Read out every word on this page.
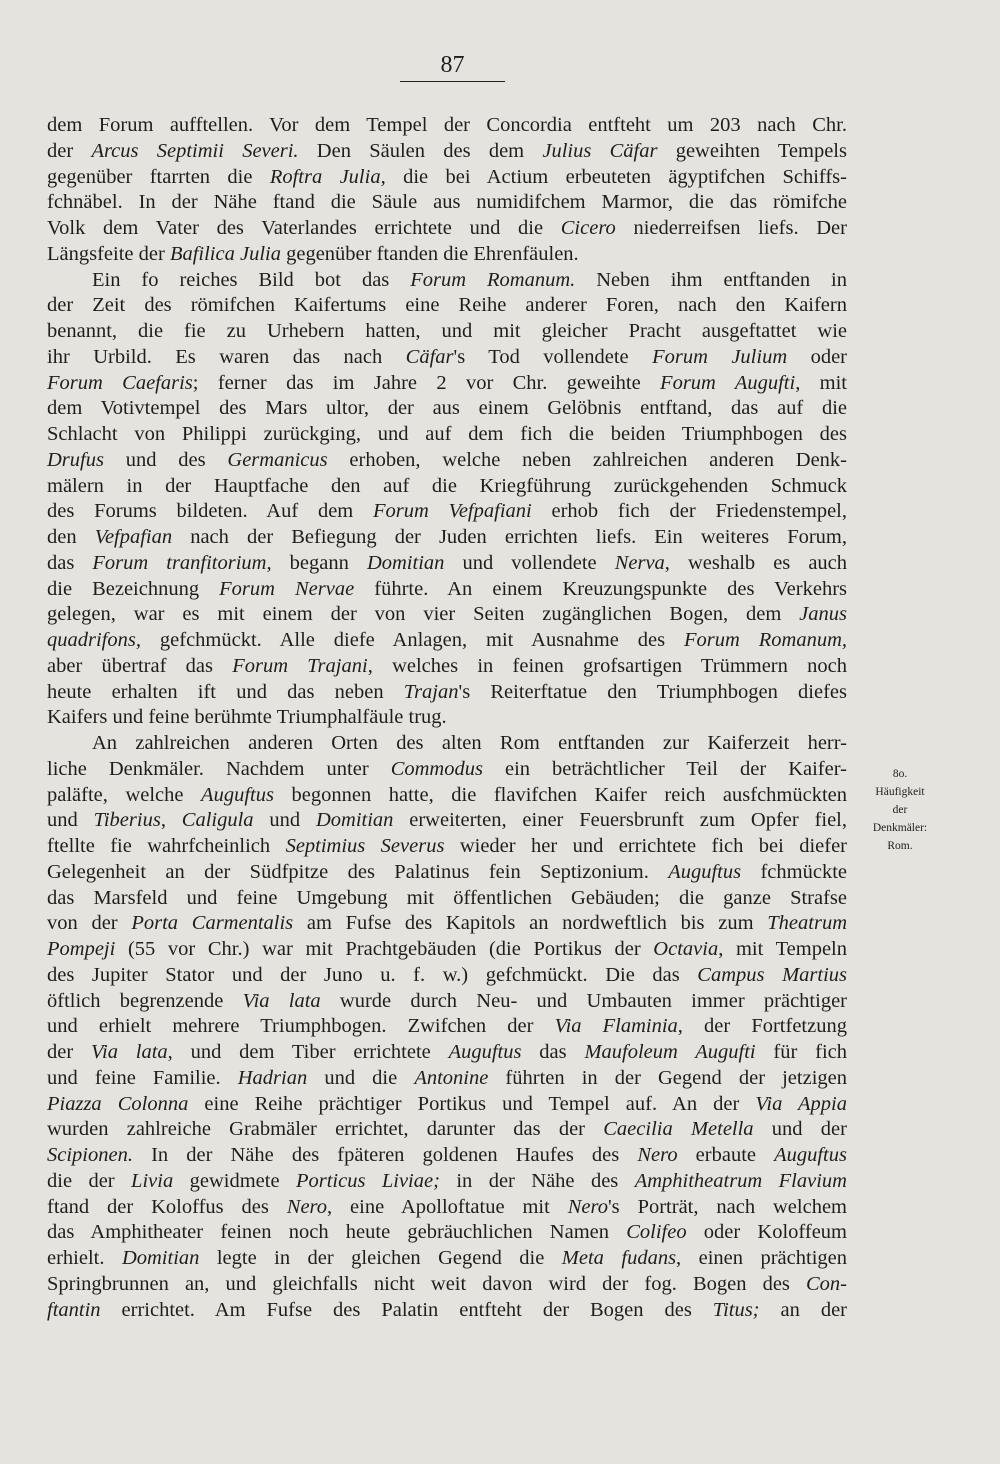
87
dem Forum aufftellen. Vor dem Tempel der Concordia entfteht um 203 nach Chr.
der Arcus Septimii Severi. Den Säulen des dem Julius Cäfar geweihten Tempels
gegenüber ftarrten die Roftra Julia, die bei Actium erbeuteten ägyptifchen Schiffs-
fchnäbel. In der Nähe ftand die Säule aus numidifchem Marmor, die das römifche
Volk dem Vater des Vaterlandes errichtete und die Cicero niederreifsen liefs. Der
Längsfeite der Bafilica Julia gegenüber ftanden die Ehrenfäulen.
Ein fo reiches Bild bot das Forum Romanum. Neben ihm entftanden in
der Zeit des römifchen Kaifertums eine Reihe anderer Foren, nach den Kaifern
benannt, die fie zu Urhebern hatten, und mit gleicher Pracht ausgeftattet wie
ihr Urbild. Es waren das nach Cäfar's Tod vollendete Forum Julium oder
Forum Caefaris; ferner das im Jahre 2 vor Chr. geweihte Forum Augufti, mit
dem Votivtempel des Mars ultor, der aus einem Gelöbnis entftand, das auf die
Schlacht von Philippi zurückging, und auf dem fich die beiden Triumphbogen des
Drufus und des Germanicus erhoben, welche neben zahlreichen anderen Denk-
mälern in der Hauptfache den auf die Kriegführung zurückgehenden Schmuck
des Forums bildeten. Auf dem Forum Vefpafiani erhob fich der Friedenstempel,
den Vefpafian nach der Befiegung der Juden errichten liefs. Ein weiteres Forum,
das Forum tranfitorium, begann Domitian und vollendete Nerva, weshalb es auch
die Bezeichnung Forum Nervae führte. An einem Kreuzungspunkte des Verkehrs
gelegen, war es mit einem der von vier Seiten zugänglichen Bogen, dem Janus
quadrifons, gefchmückt. Alle diefe Anlagen, mit Ausnahme des Forum Romanum,
aber übertraf das Forum Trajani, welches in feinen grofsartigen Trümmern noch
heute erhalten ift und das neben Trajan's Reiterftatue den Triumphbogen diefes
Kaifers und feine berühmte Triumphalfäule trug.
An zahlreichen anderen Orten des alten Rom entftanden zur Kaiferzeit herr-
liche Denkmäler. Nachdem unter Commodus ein beträchtlicher Teil der Kaifer-
paläfte, welche Auguftus begonnen hatte, die flavifchen Kaifer reich ausfchmückten
und Tiberius, Caligula und Domitian erweiterten, einer Feuersbrunft zum Opfer fiel,
ftellte fie wahrfcheinlich Septimius Severus wieder her und errichtete fich bei diefer
Gelegenheit an der Südfpitze des Palatinus fein Septizonium. Auguftus fchmückte
das Marsfeld und feine Umgebung mit öffentlichen Gebäuden; die ganze Strafse
von der Porta Carmentalis am Fufse des Kapitols an nordweftlich bis zum Theatrum
Pompeji (55 vor Chr.) war mit Prachtgebäuden (die Portikus der Octavia, mit Tempeln
des Jupiter Stator und der Juno u. f. w.) gefchmückt. Die das Campus Martius
öftlich begrenzende Via lata wurde durch Neu- und Umbauten immer prächtiger
und erhielt mehrere Triumphbogen. Zwifchen der Via Flaminia, der Fortfetzung
der Via lata, und dem Tiber errichtete Auguftus das Maufoleum Augufti für fich
und feine Familie. Hadrian und die Antonine führten in der Gegend der jetzigen
Piazza Colonna eine Reihe prächtiger Portikus und Tempel auf. An der Via Appia
wurden zahlreiche Grabmäler errichtet, darunter das der Caecilia Metella und der
Scipionen. In der Nähe des fpäteren goldenen Haufes des Nero erbaute Auguftus
die der Livia gewidmete Porticus Liviae; in der Nähe des Amphitheatrum Flavium
ftand der Koloffus des Nero, eine Apolloftatue mit Nero's Porträt, nach welchem
das Amphitheater feinen noch heute gebräuchlichen Namen Colifeo oder Koloffeum
erhielt. Domitian legte in der gleichen Gegend die Meta fudans, einen prächtigen
Springbrunnen an, und gleichfalls nicht weit davon wird der fog. Bogen des Con-
ftantin errichtet. Am Fufse des Palatin entfteht der Bogen des Titus; an der
8o.
Häufigkeit
der
Denkmäler:
Rom.
